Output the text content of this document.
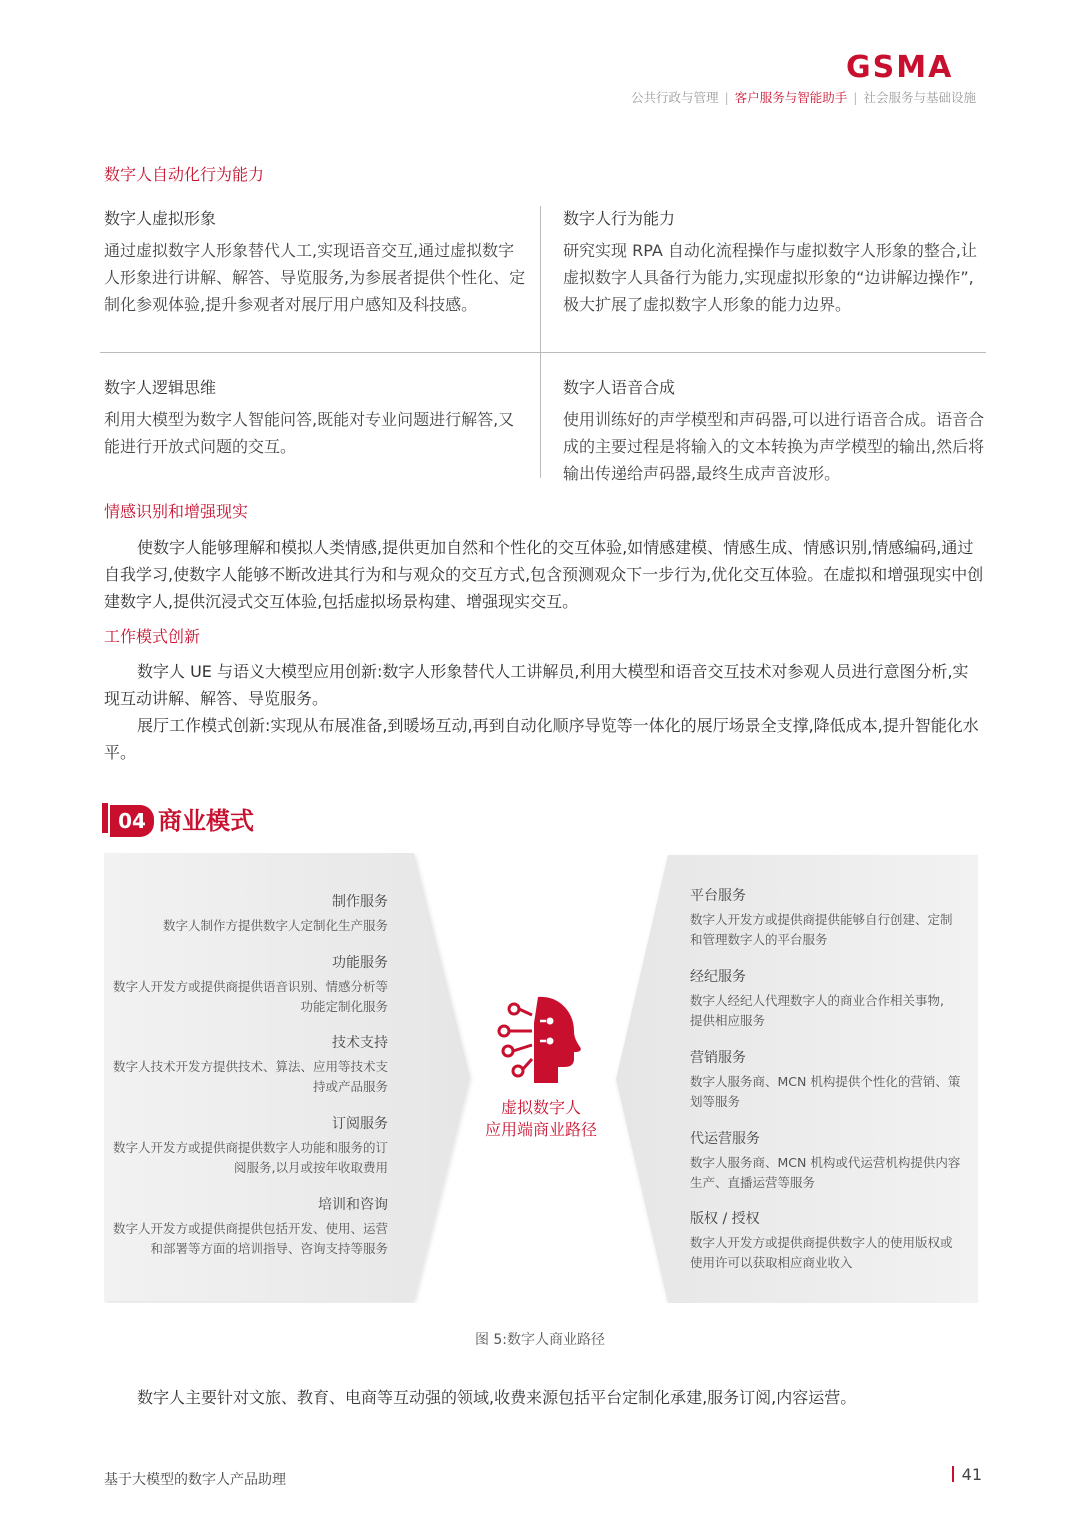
GSMA
公共行政与管理 | 客户服务与智能助手 | 社会服务与基础设施
数字人自动化行为能力
数字人虚拟形象
通过虚拟数字人形象替代人工,实现语音交互,通过虚拟数字人形象进行讲解、解答、导览服务,为参展者提供个性化、定制化参观体验,提升参观者对展厅用户感知及科技感。
数字人行为能力
研究实现 RPA 自动化流程操作与虚拟数字人形象的整合,让虚拟数字人具备行为能力,实现虚拟形象的“边讲解边操作”,极大扩展了虚拟数字人形象的能力边界。
数字人逻辑思维
利用大模型为数字人智能问答,既能对专业问题进行解答,又能进行开放式问题的交互。
数字人语音合成
使用训练好的声学模型和声码器,可以进行语音合成。语音合成的主要过程是将输入的文本转换为声学模型的输出,然后将输出传递给声码器,最终生成声音波形。
情感识别和增强现实

使数字人能够理解和模拟人类情感,提供更加自然和个性化的交互体验,如情感建模、情感生成、情感识别,情感编码,通过自我学习,使数字人能够不断改进其行为和与观众的交互方式,包含预测观众下一步行为,优化交互体验。在虚拟和增强现实中创建数字人,提供沉浸式交互体验,包括虚拟场景构建、增强现实交互。

工作模式创新

数字人 UE 与语义大模型应用创新:数字人形象替代人工讲解员,利用大模型和语音交互技术对参观人员进行意图分析,实现互动讲解、解答、导览服务。

展厅工作模式创新:实现从布展准备,到暖场互动,再到自动化顺序导览等一体化的展厅场景全支撑,降低成本,提升智能化水平。

04 商业模式
虚拟数字人
应用端商业路径
制作服务
数字人制作方提供数字人定制化生产服务
功能服务
数字人开发方或提供商提供语音识别、情感分析等
功能定制化服务
技术支持
数字人技术开发方提供技术、算法、应用等技术支
持或产品服务
订阅服务
数字人开发方或提供商提供数字人功能和服务的订
阅服务,以月或按年收取费用
培训和咨询
数字人开发方或提供商提供包括开发、使用、运营
和部署等方面的培训指导、咨询支持等服务
平台服务
数字人开发方或提供商提供能够自行创建、定制
和管理数字人的平台服务
经纪服务
数字人经纪人代理数字人的商业合作相关事物,
提供相应服务
营销服务
数字人服务商、MCN 机构提供个性化的营销、策
划等服务
代运营服务
数字人服务商、MCN 机构或代运营机构提供内容
生产、直播运营等服务
版权 / 授权
数字人开发方或提供商提供数字人的使用版权或
使用许可以获取相应商业收入
图 5:数字人商业路径

数字人主要针对文旅、教育、电商等互动强的领域,收费来源包括平台定制化承建,服务订阅,内容运营。

基于大模型的数字人产品助理	41
